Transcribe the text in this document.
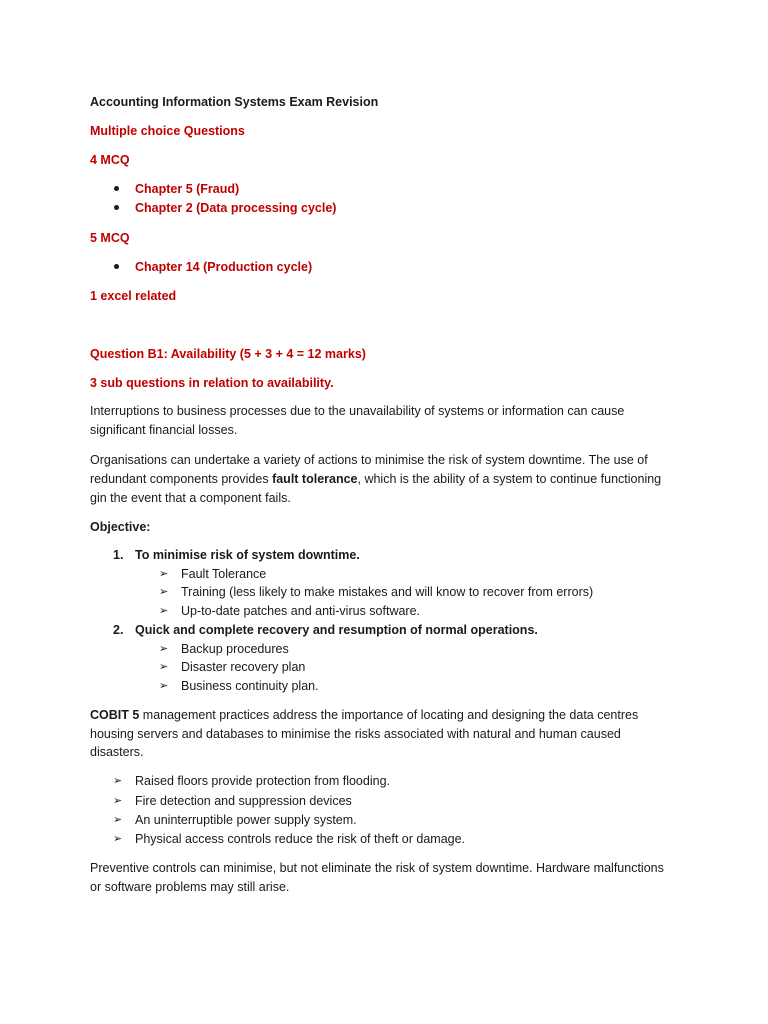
Accounting Information Systems Exam Revision
Multiple choice Questions
4 MCQ
Chapter 5 (Fraud)
Chapter 2 (Data processing cycle)
5 MCQ
Chapter 14 (Production cycle)
1 excel related
Question B1: Availability (5 + 3 + 4 = 12 marks)
3 sub questions in relation to availability.
Interruptions to business processes due to the unavailability of systems or information can cause
significant financial losses.
Organisations can undertake a variety of actions to minimise the risk of system downtime. The use of
redundant components provides fault tolerance, which is the ability of a system to continue functioning
gin the event that a component fails.
Objective:
1. To minimise risk of system downtime.
➢ Fault Tolerance
➢ Training (less likely to make mistakes and will know to recover from errors)
➢ Up-to-date patches and anti-virus software.
2. Quick and complete recovery and resumption of normal operations.
➢ Backup procedures
➢ Disaster recovery plan
➢ Business continuity plan.
COBIT 5 management practices address the importance of locating and designing the data centres
housing servers and databases to minimise the risks associated with natural and human caused
disasters.
➢ Raised floors provide protection from flooding.
➢ Fire detection and suppression devices
➢ An uninterruptible power supply system.
➢ Physical access controls reduce the risk of theft or damage.
Preventive controls can minimise, but not eliminate the risk of system downtime. Hardware malfunctions
or software problems may still arise.
